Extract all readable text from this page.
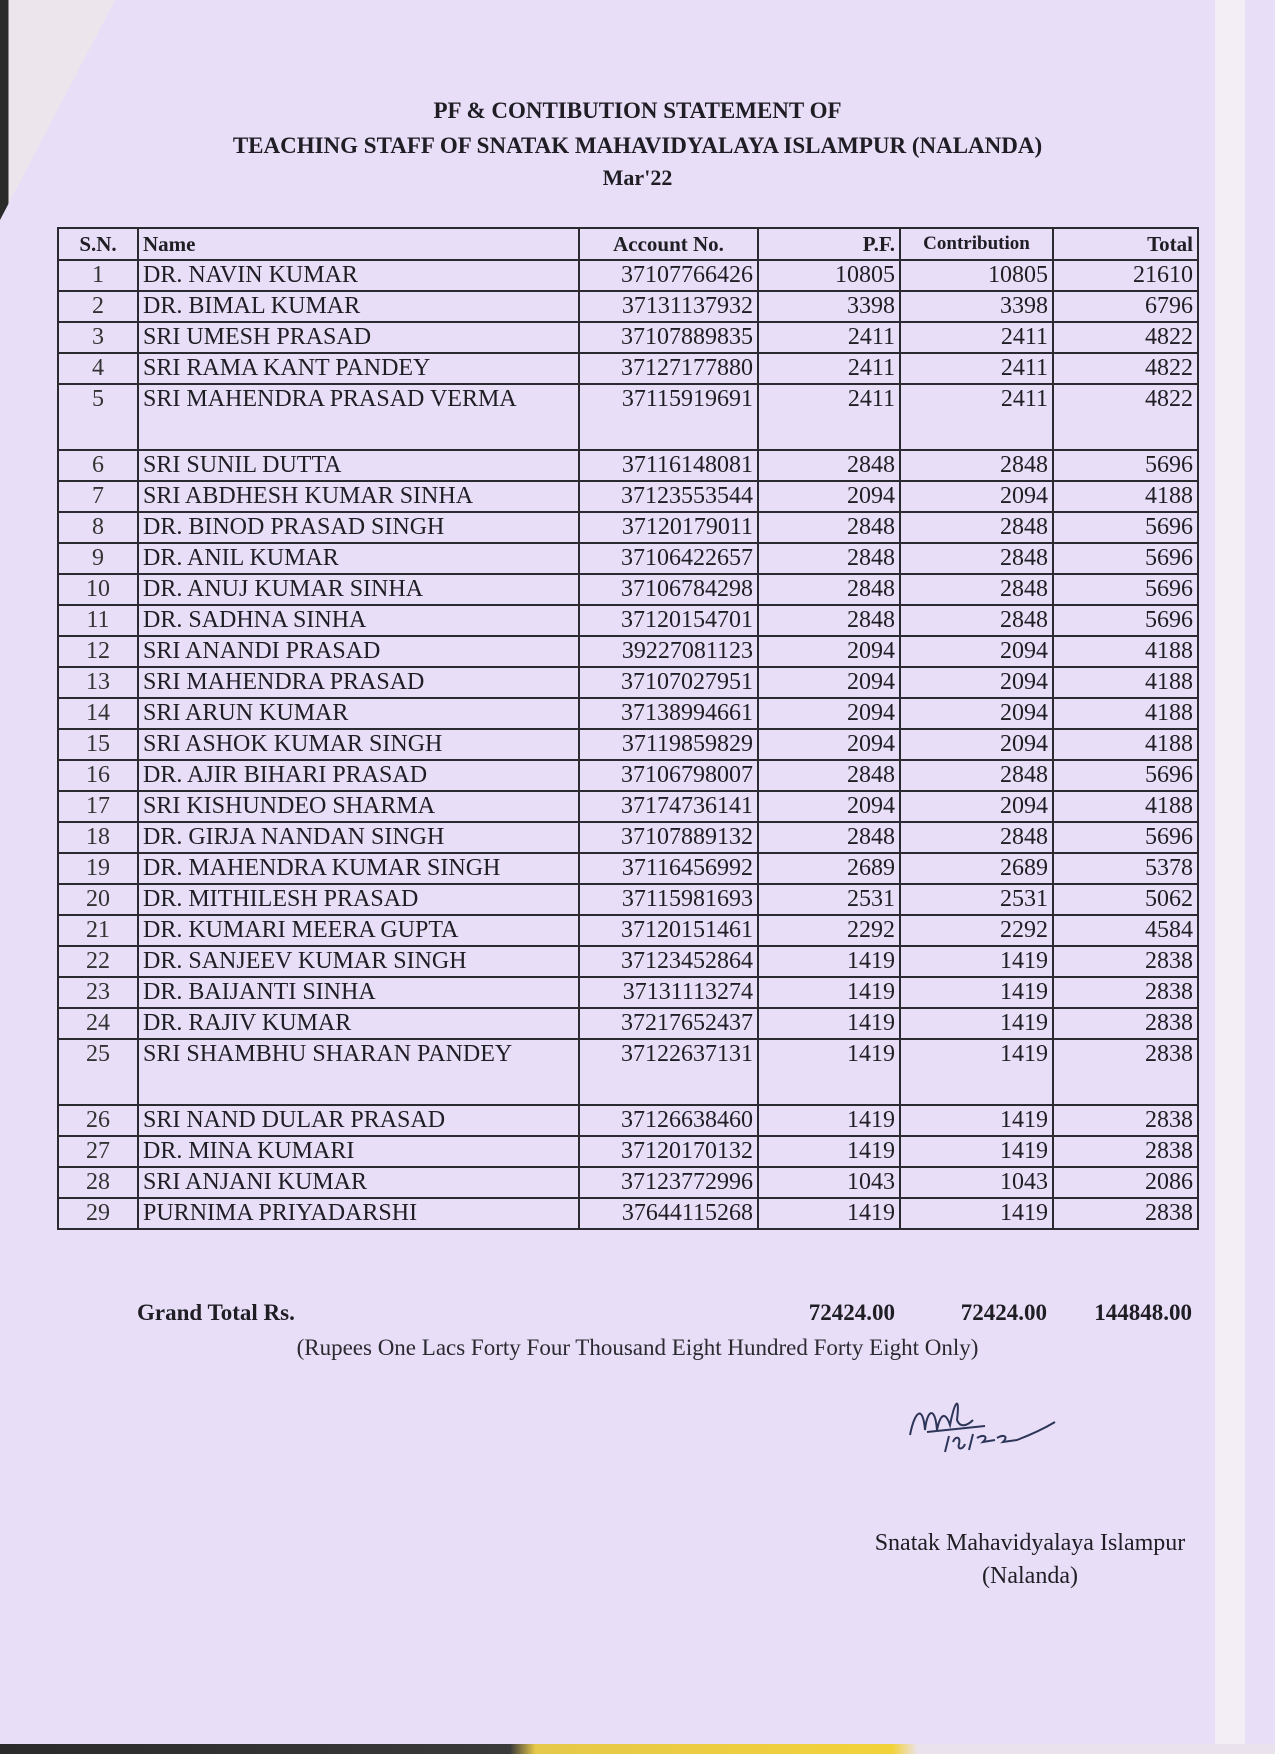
PF & CONTIBUTION STATEMENT OF
TEACHING STAFF OF SNATAK MAHAVIDYALAYA ISLAMPUR (NALANDA)
Mar'22
S.N.	Name	Account No.	P.F.	Contribution	Total
1	DR. NAVIN KUMAR	37107766426	10805	10805	21610
2	DR. BIMAL KUMAR	37131137932	3398	3398	6796
3	SRI UMESH PRASAD	37107889835	2411	2411	4822
4	SRI RAMA KANT PANDEY	37127177880	2411	2411	4822
5	SRI MAHENDRA PRASAD VERMA	37115919691	2411	2411	4822
6	SRI SUNIL DUTTA	37116148081	2848	2848	5696
7	SRI ABDHESH KUMAR SINHA	37123553544	2094	2094	4188
8	DR. BINOD PRASAD SINGH	37120179011	2848	2848	5696
9	DR. ANIL KUMAR	37106422657	2848	2848	5696
10	DR. ANUJ KUMAR SINHA	37106784298	2848	2848	5696
11	DR. SADHNA SINHA	37120154701	2848	2848	5696
12	SRI ANANDI PRASAD	39227081123	2094	2094	4188
13	SRI MAHENDRA PRASAD	37107027951	2094	2094	4188
14	SRI ARUN KUMAR	37138994661	2094	2094	4188
15	SRI ASHOK KUMAR SINGH	37119859829	2094	2094	4188
16	DR. AJIR BIHARI PRASAD	37106798007	2848	2848	5696
17	SRI KISHUNDEO SHARMA	37174736141	2094	2094	4188
18	DR. GIRJA NANDAN SINGH	37107889132	2848	2848	5696
19	DR. MAHENDRA KUMAR SINGH	37116456992	2689	2689	5378
20	DR. MITHILESH PRASAD	37115981693	2531	2531	5062
21	DR. KUMARI MEERA GUPTA	37120151461	2292	2292	4584
22	DR. SANJEEV KUMAR SINGH	37123452864	1419	1419	2838
23	DR. BAIJANTI SINHA	37131113274	1419	1419	2838
24	DR. RAJIV KUMAR	37217652437	1419	1419	2838
25	SRI SHAMBHU SHARAN PANDEY	37122637131	1419	1419	2838
26	SRI NAND DULAR PRASAD	37126638460	1419	1419	2838
27	DR. MINA KUMARI	37120170132	1419	1419	2838
28	SRI ANJANI KUMAR	37123772996	1043	1043	2086
29	PURNIMA PRIYADARSHI	37644115268	1419	1419	2838
Grand Total Rs.	72424.00	72424.00	144848.00
(Rupees One Lacs Forty Four Thousand Eight Hundred Forty Eight Only)
Snatak Mahavidyalaya Islampur
(Nalanda)
